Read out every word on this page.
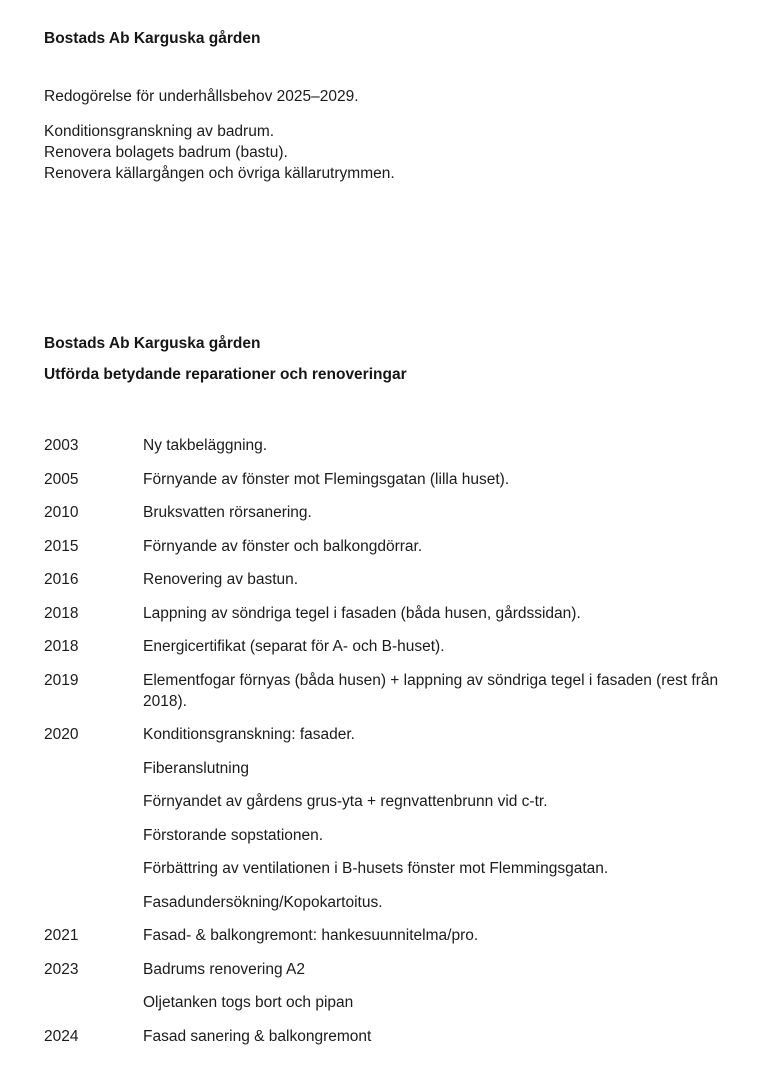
Bostads Ab Karguska gården
Redogörelse för underhållsbehov 2025–2029.
Konditionsgranskning av badrum.
Renovera bolagets badrum (bastu).
Renovera källargången och övriga källarutrymmen.
Bostads Ab Karguska gården
Utförda betydande reparationer och renoveringar
2003	Ny takbeläggning.
2005	Förnyande av fönster mot Flemingsgatan (lilla huset).
2010	Bruksvatten rörsanering.
2015	Förnyande av fönster och balkongdörrar.
2016	Renovering av bastun.
2018	Lappning av söndriga tegel i fasaden (båda husen, gårdssidan).
2018	Energicertifikat (separat för A- och B-huset).
2019	Elementfogar förnyas (båda husen) + lappning av söndriga tegel i fasaden (rest från 2018).
2020	Konditionsgranskning: fasader.
Fiberanslutning
Förnyandet av gårdens grus-yta + regnvattenbrunn vid c-tr.
Förstorande sopstationen.
Förbättring av ventilationen i B-husets fönster mot Flemmingsgatan.
Fasadundersökning/Kopokartoitus.
2021	Fasad- & balkongremont: hankesuunnitelma/pro.
2023	Badrums renovering A2
Oljetanken togs bort och pipan
2024	Fasad sanering & balkongremont
